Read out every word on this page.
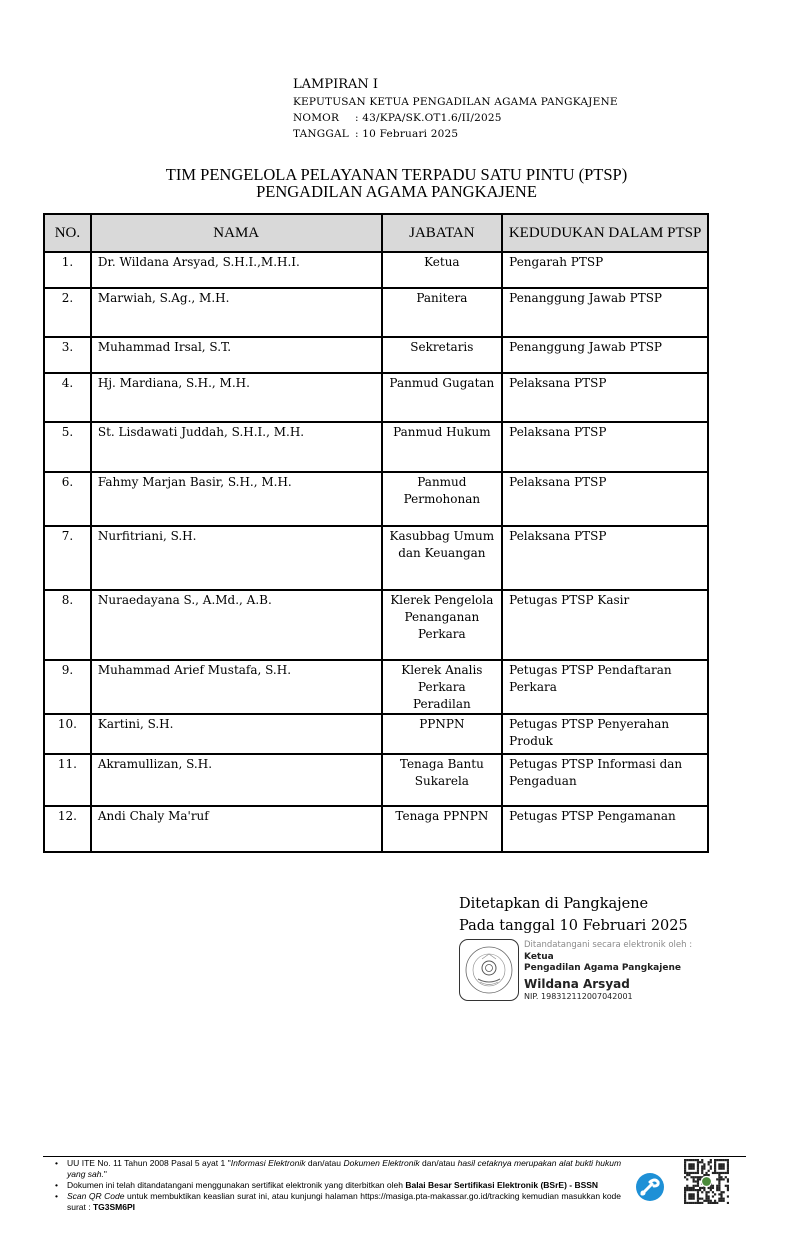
LAMPIRAN I
KEPUTUSAN KETUA PENGADILAN AGAMA PANGKAJENE
NOMOR : 43/KPA/SK.OT1.6/II/2025
TANGGAL : 10 Februari 2025
TIM PENGELOLA PELAYANAN TERPADU SATU PINTU (PTSP)
PENGADILAN AGAMA PANGKAJENE
NO.	NAMA	JABATAN	KEDUDUKAN DALAM PTSP
1.	Dr. Wildana Arsyad, S.H.I.,M.H.I.	Ketua	Pengarah PTSP
2.	Marwiah, S.Ag., M.H.	Panitera	Penanggung Jawab PTSP
3.	Muhammad Irsal, S.T.	Sekretaris	Penanggung Jawab PTSP
4.	Hj. Mardiana, S.H., M.H.	Panmud Gugatan	Pelaksana PTSP
5.	St. Lisdawati Juddah, S.H.I., M.H.	Panmud Hukum	Pelaksana PTSP
6.	Fahmy Marjan Basir, S.H., M.H.	Panmud Permohonan	Pelaksana PTSP
7.	Nurfitriani, S.H.	Kasubbag Umum dan Keuangan	Pelaksana PTSP
8.	Nuraedayana S., A.Md., A.B.	Klerek Pengelola Penanganan Perkara	Petugas PTSP Kasir
9.	Muhammad Arief Mustafa, S.H.	Klerek Analis Perkara Peradilan	Petugas PTSP Pendaftaran Perkara
10.	Kartini, S.H.	PPNPN	Petugas PTSP Penyerahan Produk
11.	Akramullizan, S.H.	Tenaga Bantu Sukarela	Petugas PTSP Informasi dan Pengaduan
12.	Andi Chaly Ma'ruf	Tenaga PPNPN	Petugas PTSP Pengamanan
Ditetapkan di Pangkajene
Pada tanggal 10 Februari 2025
Ditandatangani secara elektronik oleh :
Ketua
Pengadilan Agama Pangkajene
Wildana Arsyad
NIP. 198312112007042001
• UU ITE No. 11 Tahun 2008 Pasal 5 ayat 1 "Informasi Elektronik dan/atau Dokumen Elektronik dan/atau hasil cetaknya merupakan alat bukti hukum yang sah."
• Dokumen ini telah ditandatangani menggunakan sertifikat elektronik yang diterbitkan oleh Balai Besar Sertifikasi Elektronik (BSrE) - BSSN
• Scan QR Code untuk membuktikan keaslian surat ini, atau kunjungi halaman https://masiga.pta-makassar.go.id/tracking kemudian masukkan kode surat : TG3SM6PI
